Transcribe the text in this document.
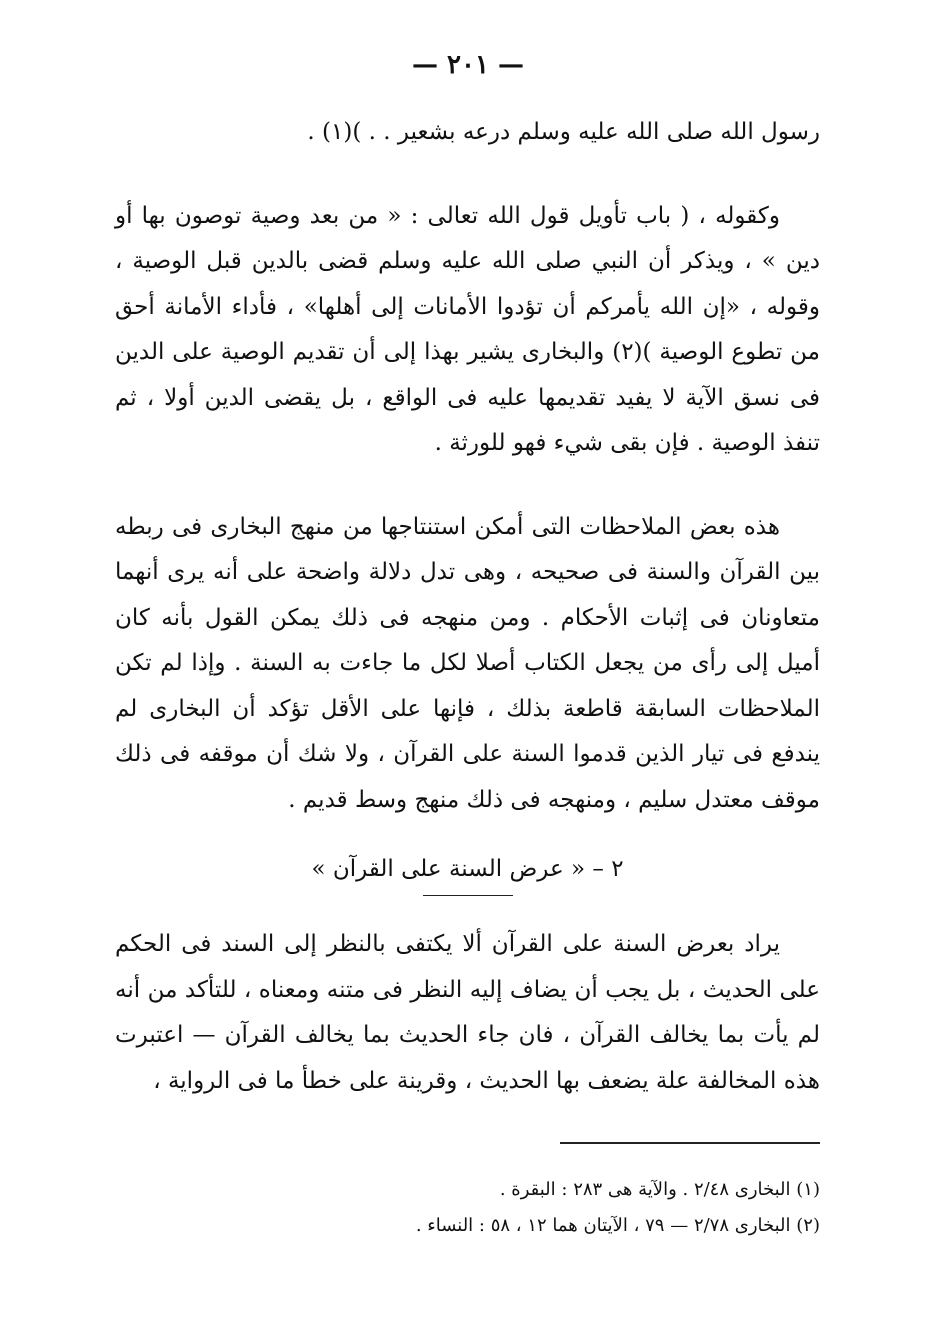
— ٢٠١ —

رسول الله صلى الله عليه وسلم درعه بشعير . . )(١) .

وكقوله ، ( باب تأويل قول الله تعالى : « من بعد وصية توصون بها أو دين » ، ويذكر أن النبي صلى الله عليه وسلم قضى بالدين قبل الوصية ، وقوله ، «إن الله يأمركم أن تؤدوا الأمانات إلى أهلها» ، فأداء الأمانة أحق من تطوع الوصية )(٢) والبخارى يشير بهذا إلى أن تقديم الوصية على الدين فى نسق الآية لا يفيد تقديمها عليه فى الواقع ، بل يقضى الدين أولا ، ثم تنفذ الوصية . فإن بقى شيء فهو للورثة .

هذه بعض الملاحظات التى أمكن استنتاجها من منهج البخارى فى ربطه بين القرآن والسنة فى صحيحه ، وهى تدل دلالة واضحة على أنه يرى أنهما متعاونان فى إثبات الأحكام . ومن منهجه فى ذلك يمكن القول بأنه كان أميل إلى رأى من يجعل الكتاب أصلا لكل ما جاءت به السنة . وإذا لم تكن الملاحظات السابقة قاطعة بذلك ، فإنها على الأقل تؤكد أن البخارى لم يندفع فى تيار الذين قدموا السنة على القرآن ، ولا شك أن موقفه فى ذلك موقف معتدل سليم ، ومنهجه فى ذلك منهج وسط قديم .

٢ – « عرض السنة على القرآن »

يراد بعرض السنة على القرآن ألا يكتفى بالنظر إلى السند فى الحكم على الحديث ، بل يجب أن يضاف إليه النظر فى متنه ومعناه ، للتأكد من أنه لم يأت بما يخالف القرآن ، فان جاء الحديث بما يخالف القرآن — اعتبرت هذه المخالفة علة يضعف بها الحديث ، وقرينة على خطأ ما فى الرواية ،

(١) البخارى ٢/٤٨ . والآية هى ٢٨٣ : البقرة .

(٢) البخارى ٢/٧٨ — ٧٩ ، الآيتان هما ١٢ ، ٥٨ : النساء .
